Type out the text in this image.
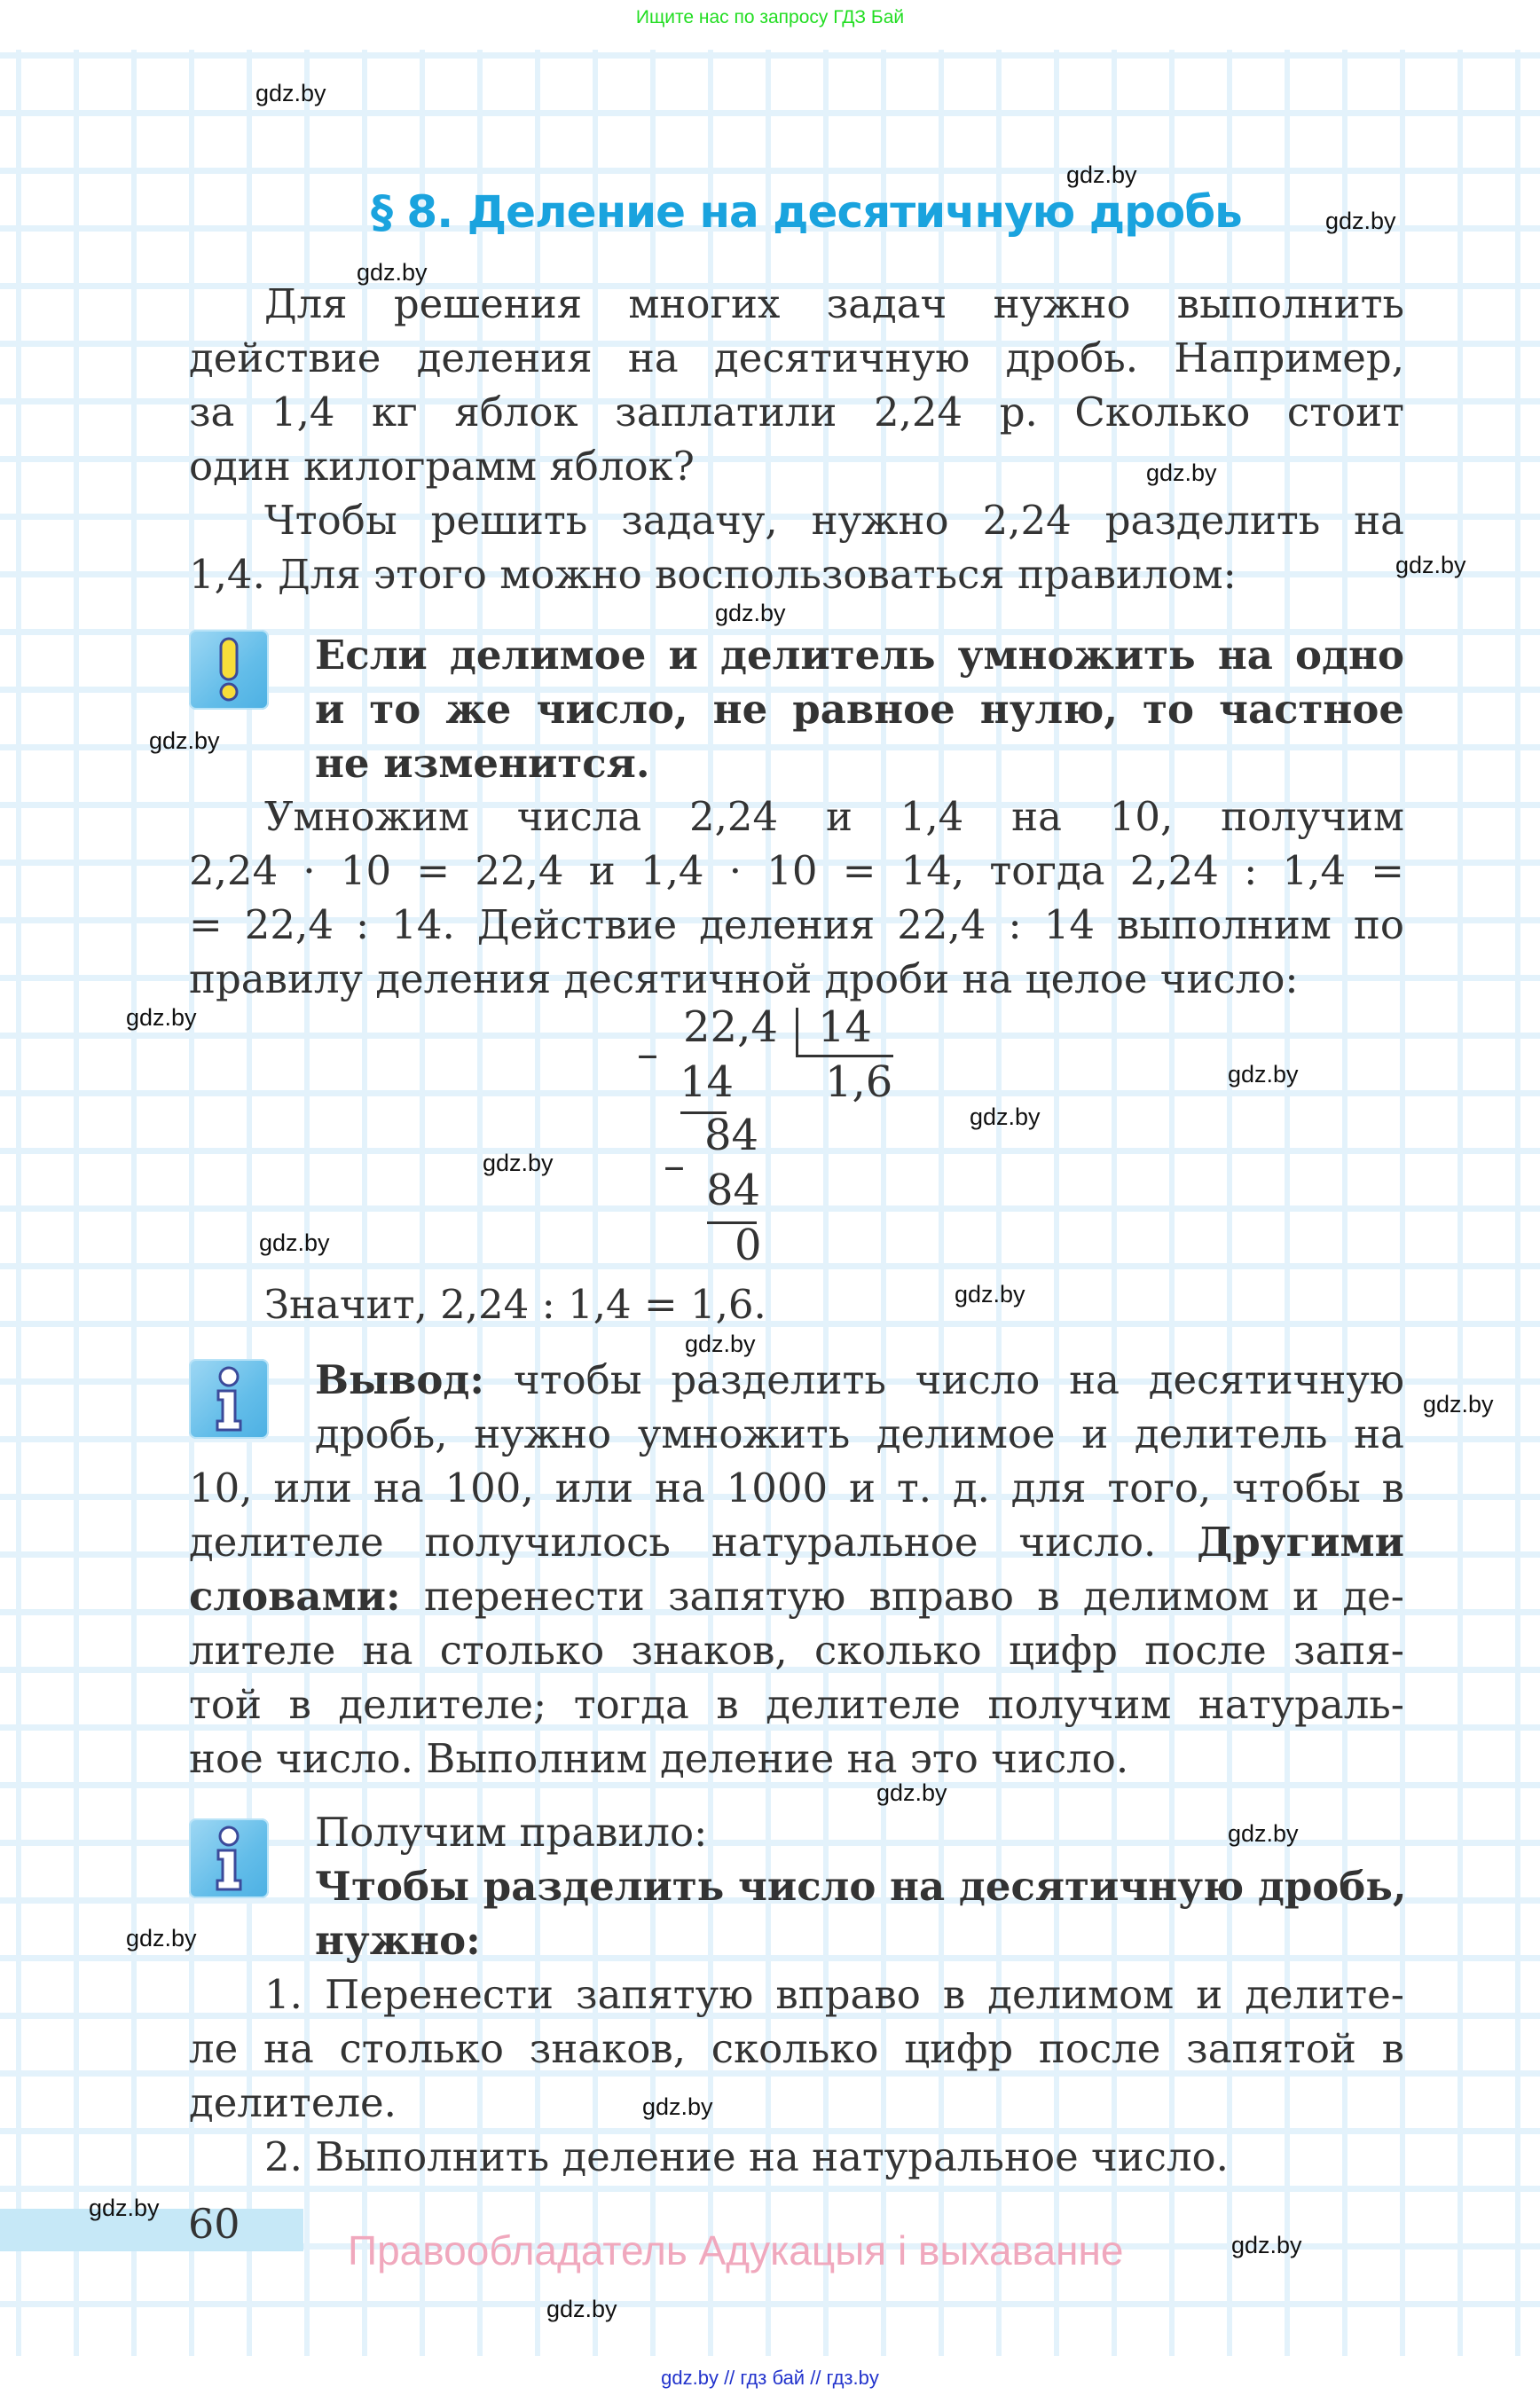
Ищите нас по запросу ГДЗ Бай
§ 8. Деление на десятичную дробь
Для решения многих задач нужно выполнить
действие деления на десятичную дробь. Например,
за 1,4 кг яблок заплатили 2,24 р. Сколько стоит
один килограмм яблок?
Чтобы решить задачу, нужно 2,24 разделить на
1,4. Для этого можно воспользоваться правилом:
Если делимое и делитель умножить на одно
и то же число, не равное нулю, то частное
не изменится.
Умножим числа 2,24 и 1,4 на 10, получим
2,24 · 10 = 22,4 и 1,4 · 10 = 14, тогда 2,24 : 1,4 =
= 22,4 : 14. Действие деления 22,4 : 14 выполним по
правилу деления десятичной дроби на целое число:
–
22,4 14
1,6
14
84
– 84
0
Значит, 2,24 : 1,4 = 1,6.
Вывод: чтобы разделить число на десятичную
дробь, нужно умножить делимое и делитель на
10, или на 100, или на 1000 и т. д. для того, чтобы в
делителе получилось натуральное число. Другими
словами: перенести запятую вправо в делимом и де-
лителе на столько знаков, сколько цифр после запя-
той в делителе; тогда в делителе получим натураль-
ное число. Выполним деление на это число.
Получим правило:
Чтобы разделить число на десятичную дробь,
нужно:
1. Перенести запятую вправо в делимом и делите-
ле на столько знаков, сколько цифр после запятой в
делителе.
2. Выполнить деление на натуральное число.
60
Правообладатель Адукацыя і выхаванне
gdz.by
gdz.by
gdz.by
gdz.by
gdz.by
gdz.by
gdz.by
gdz.by
gdz.by
gdz.by
gdz.by
gdz.by
gdz.by
gdz.by
gdz.by
gdz.by
gdz.by
gdz.by
gdz.by
gdz.by
gdz.by
gdz.by
gdz.by
gdz.by // гдз бай // гдз.by
